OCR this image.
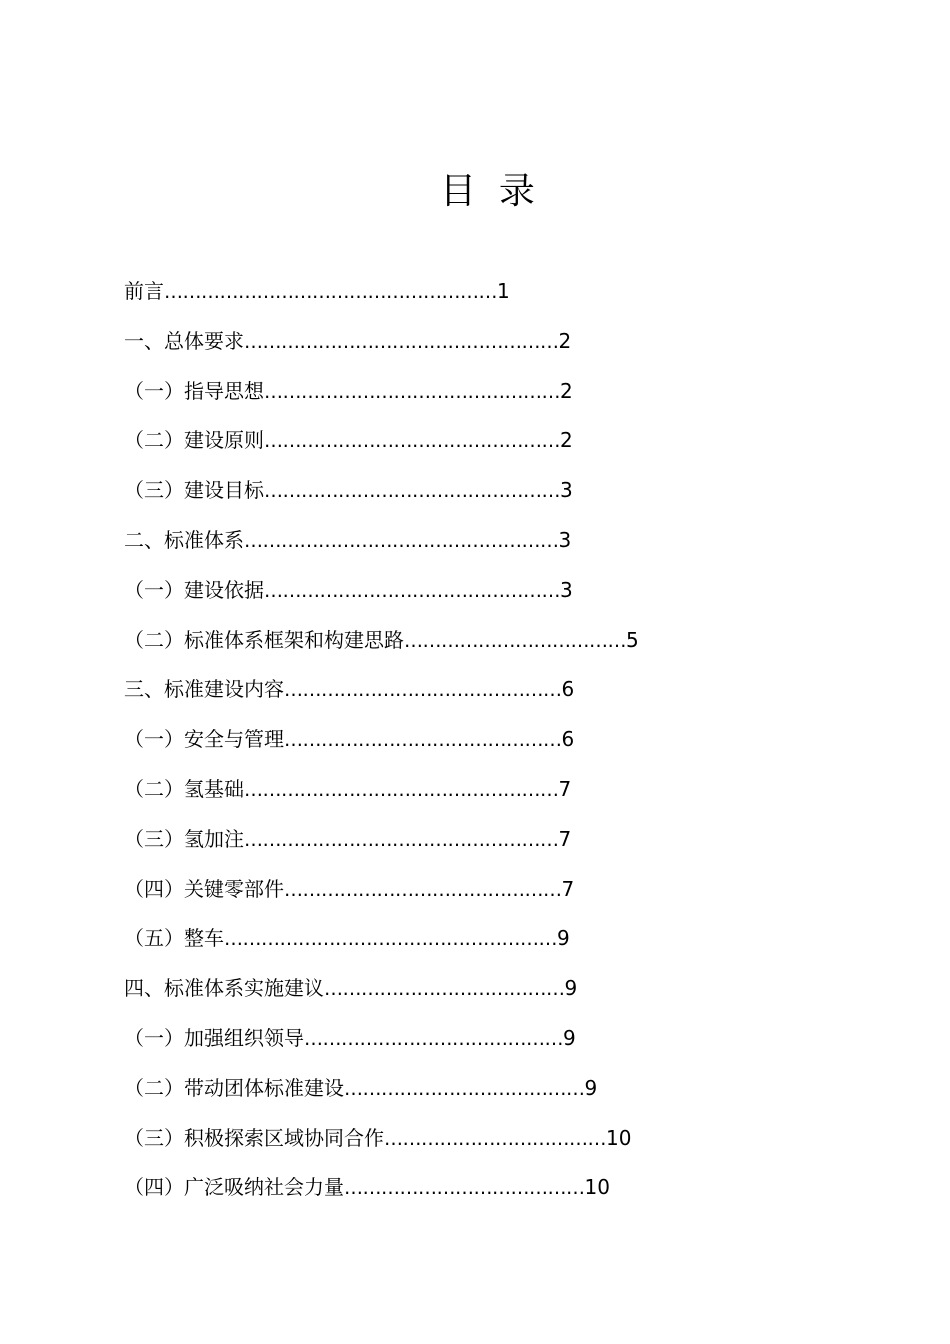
目  录
前言………………………………………………1
一、总体要求……………………………………………2
（一）指导思想…………………………………………2
（二）建设原则…………………………………………2
（三）建设目标…………………………………………3
二、标准体系……………………………………………3
（一）建设依据…………………………………………3
（二）标准体系框架和构建思路………………………………5
三、标准建设内容………………………………………6
（一）安全与管理………………………………………6
（二）氢基础……………………………………………7
（三）氢加注……………………………………………7
（四）关键零部件………………………………………7
（五）整车………………………………………………9
四、标准体系实施建议…………………………………9
（一）加强组织领导……………………………………9
（二）带动团体标准建设…………………………………9
（三）积极探索区域协同合作………………………………10
（四）广泛吸纳社会力量…………………………………10
